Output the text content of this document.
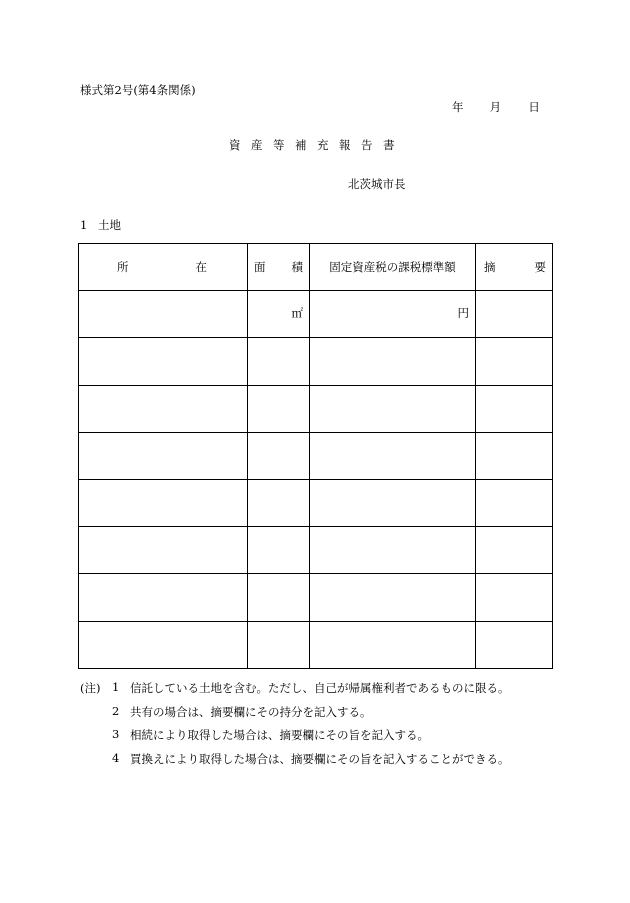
様式第2号(第4条関係)
年 月 日
資 産 等 補 充 報 告 書
北茨城市長
1 土地
所 在	面 積	固定資産税の課税標準額	摘 要

	㎡	円	

(注)	1 信託している土地を含む。ただし、自己が帰属権利者であるものに限る。
2 共有の場合は、摘要欄にその持分を記入する。
3 相続により取得した場合は、摘要欄にその旨を記入する。
4 買換えにより取得した場合は、摘要欄にその旨を記入することができる。
